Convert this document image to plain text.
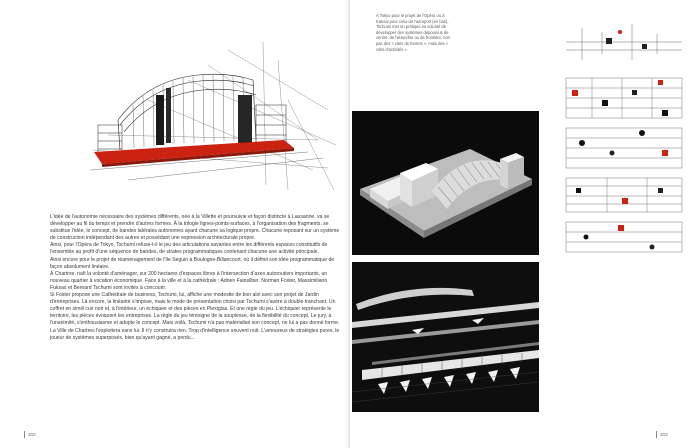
L'idée de l'autonomie nécessaire des systèmes différents, née à la Villette et poursuivie et façon distincte à Lausanne, va se développer au fil du temps et prendre d'autres formes. À la trilogie lignes-points-surfaces, à l'organisation des fragments, se substitue l'idée, le concept, de bandes latérales autonomes ayant chacune sa logique propre. Chacune reposant sur un système de construction indépendant des autres et possédant une expression architecturale propre.

Ainsi, pour l'Opéra de Tokyo, Tschumi refuse-t-il le jeu des articulations savantes entre les différents espaces constitutifs de l'ensemble au profit d'une séquence de bandes, de strates programmatiques contenant chacune une activité principale.

Ainsi encore pour le projet de réaménagement de l'île Seguin à Boulogne-Billancourt, où il définit son idée programmatique de façon absolument linéaire.

À Chartres, naît la volonté d'aménager, sur 200 hectares d'espaces libres à l'intersection d'axes autoroutiers importants, un nouveau quartier à vocation économique. Face à la ville et à la cathédrale : Adrien Fainsilber, Norman Foster, Massimiliano Fuksas et Bernard Tschumi sont invités à concourir.

Si Foster propose une Cathédrale de business, Tschumi, lui, affiche une modestie de bon aloi avec son projet de Jardin d'entreprises. Là encore, la linéarité s'impose, mais le mode de présentation choisi par Tschumi s'avère à double tranchant. Un coffret en simili cuir noir et, à l'intérieur, un échiquier et des pièces en Plexiglas. Et une règle du jeu. L'échiquier représente le territoire, les pièces évoquent les entreprises. La règle du jeu témoigne de la souplesse, de la flexibilité du concept. Le jury, à l'unanimité, s'enthousiasme et adopte le concept. Mais voilà, Tschumi n'a pas matérialisé son concept, ne lui a pas donné forme. La Ville de Chartres l'exploitera sans lui. Il n'y construira rien. Trop d'intelligence souvent nuit. L'amoureux de stratégies pures, le joueur de systèmes superposés, bien qu'ayant gagné, a perdu...

202

À Tokyo pour le projet de l'Opéra ou à Kansai pour celui de l'aéroport (en bas), Tschumi met en pratique sa volonté de développer des systèmes dépourvus de centre, de hiérarchie ou de frontière, non pas des « cités de formes », mais des « cités d'activités ».

203
